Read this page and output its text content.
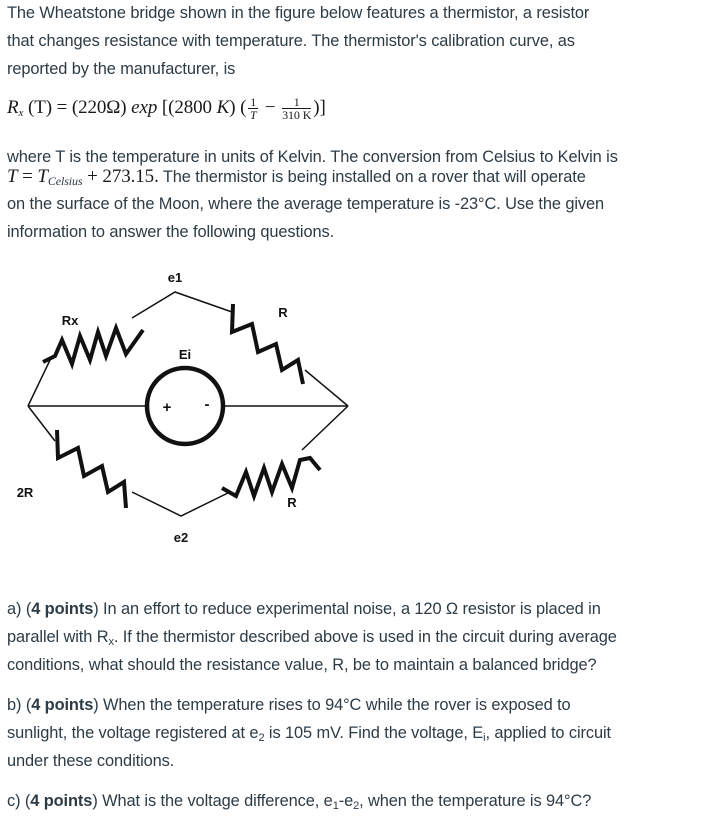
The Wheatstone bridge shown in the figure below features a thermistor, a resistor
that changes resistance with temperature. The thermistor's calibration curve, as
reported by the manufacturer, is
$R_x$ (T) = (220Ω) exp [(2800 K) ( $\frac{1}{T} - \frac{1}{310 K}$ )]
where T is the temperature in units of Kelvin. The conversion from Celsius to Kelvin is
$T = T_{Celsius} + 273.15$. The thermistor is being installed on a rover that will operate
on the surface of the Moon, where the average temperature is -23°C. Use the given
information to answer the following questions.
e1
Rx
R
Ei
+ -
2R
R
e2
a) (4 points) In an effort to reduce experimental noise, a 120 Ω resistor is placed in
parallel with $R_x$. If the thermistor described above is used in the circuit during average
conditions, what should the resistance value, R, be to maintain a balanced bridge?
b) (4 points) When the temperature rises to 94°C while the rover is exposed to
sunlight, the voltage registered at $e_2$ is 105 mV. Find the voltage, $E_i$, applied to circuit
under these conditions.
c) (4 points) What is the voltage difference, $e_1-e_2$, when the temperature is 94°C?
